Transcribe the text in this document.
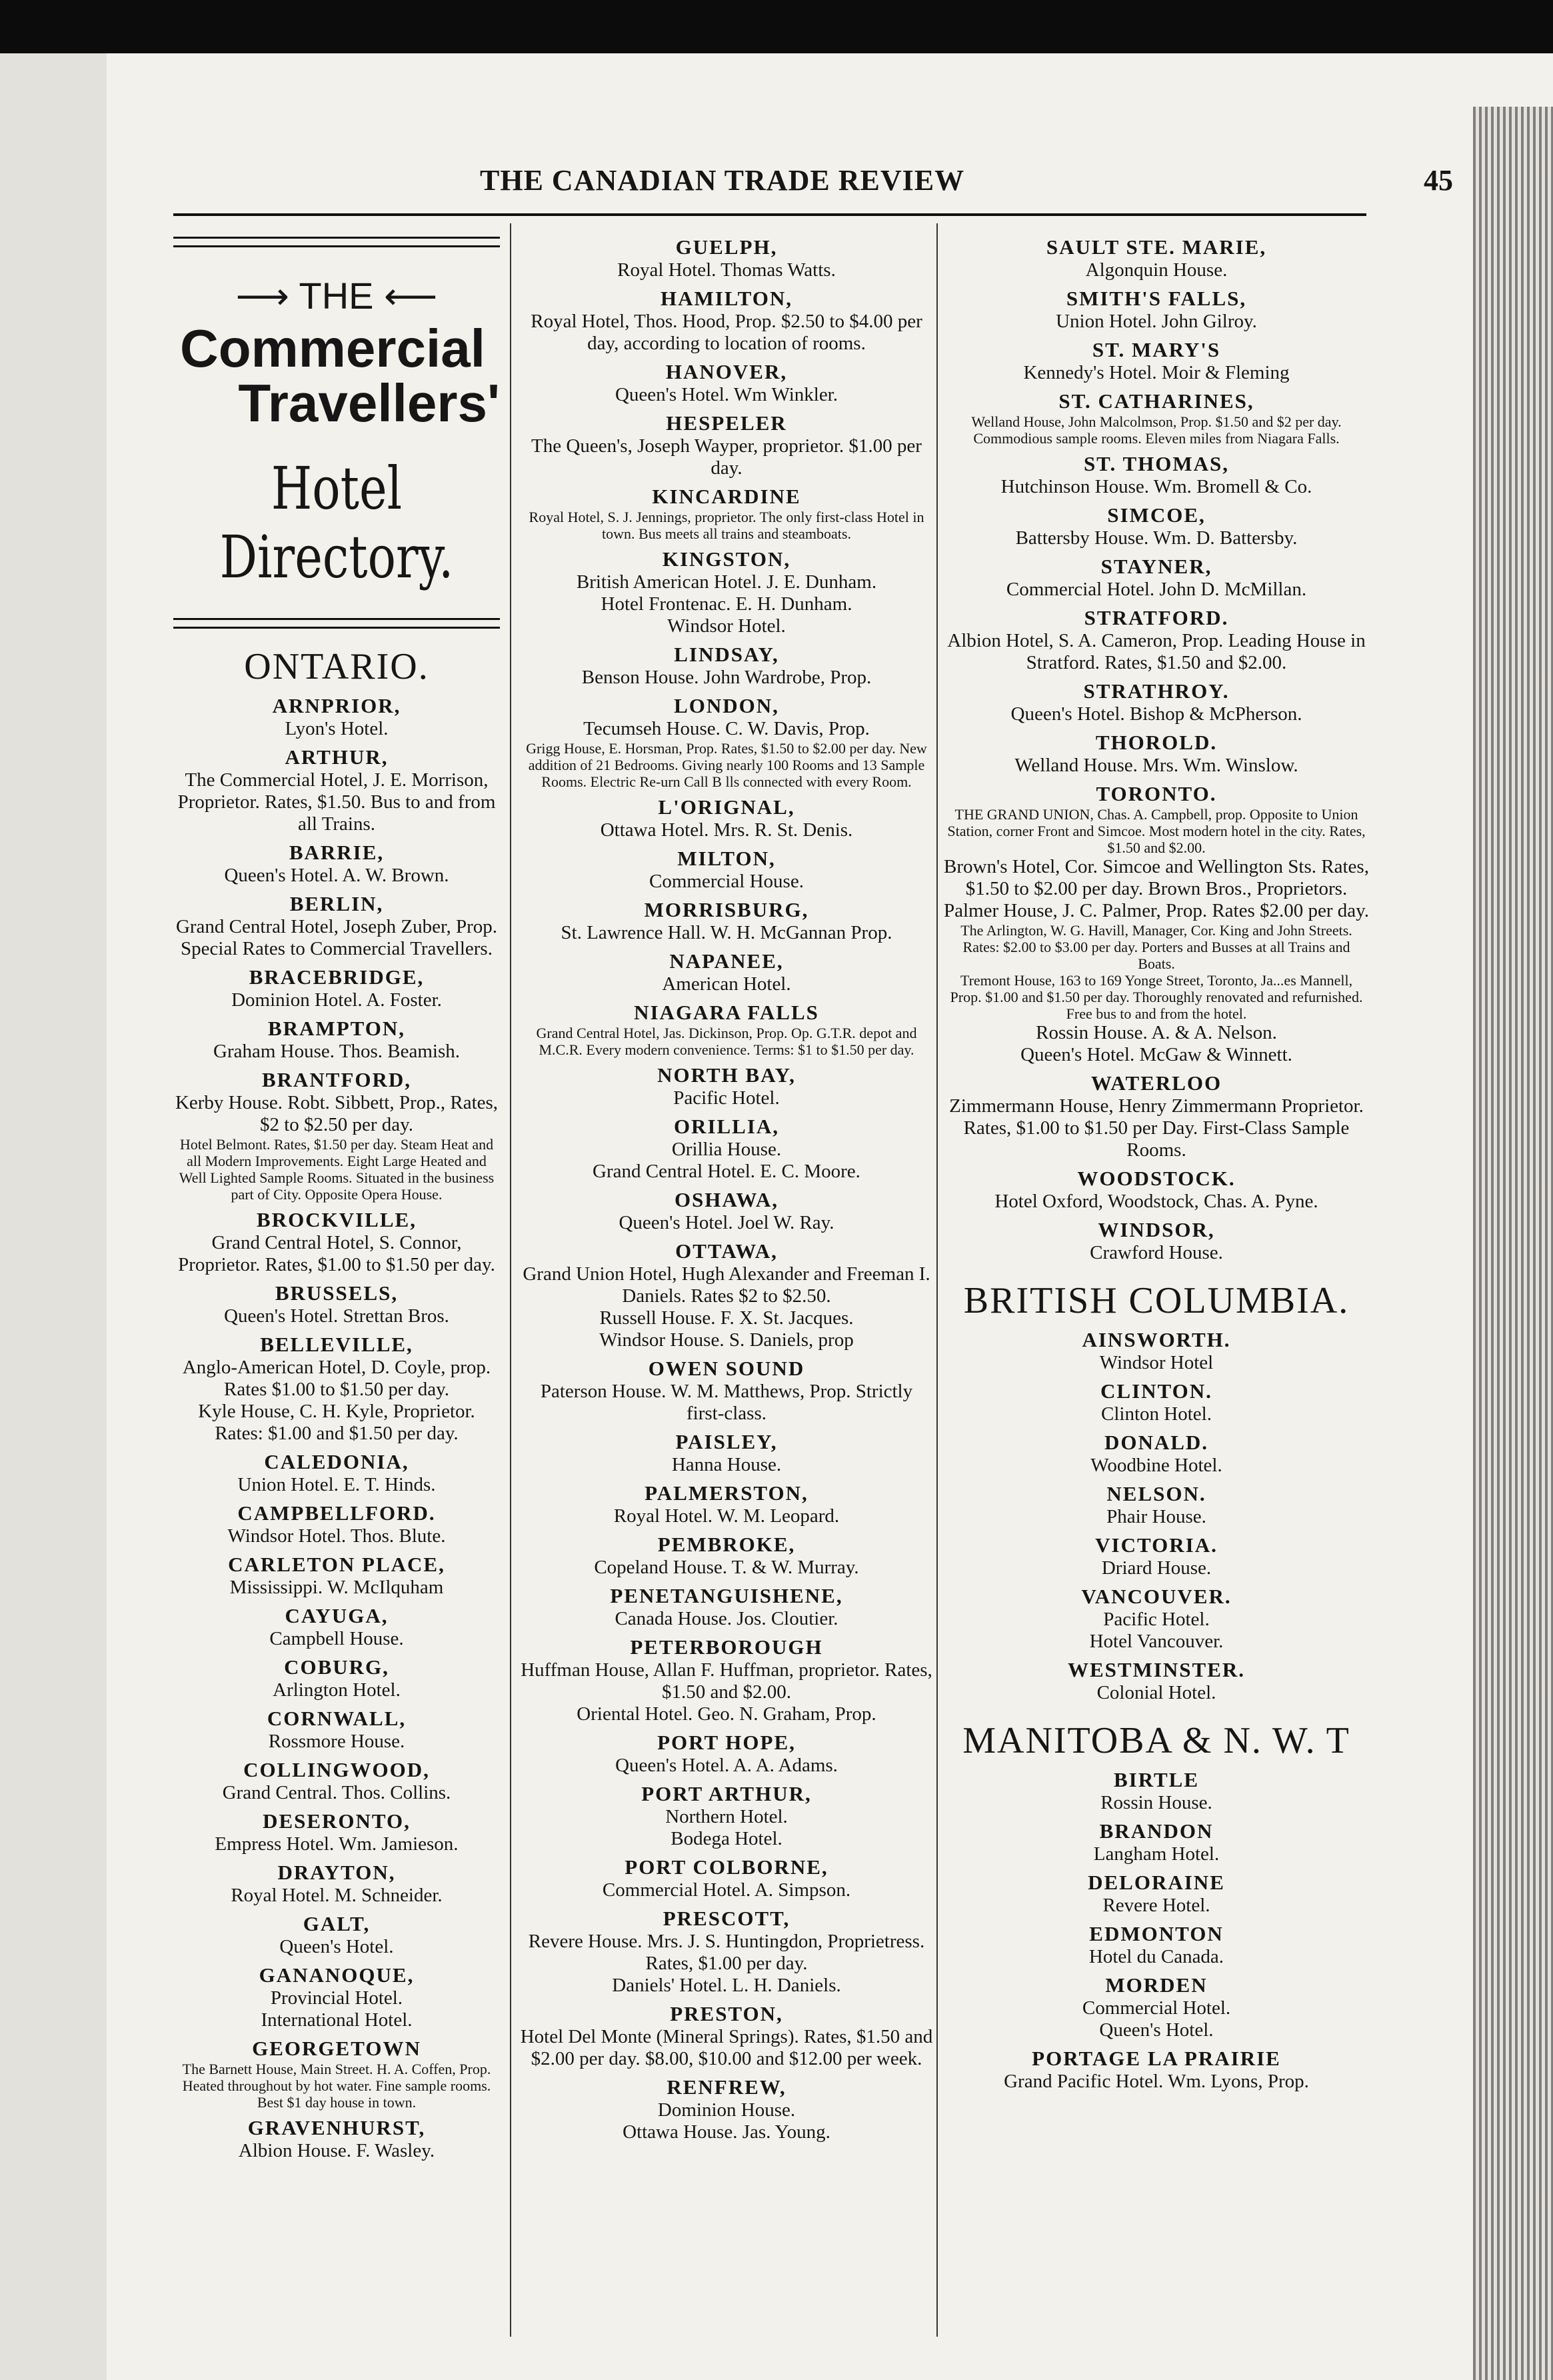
THE CANADIAN TRADE REVIEW	45
⟶ THE ⟵
Commercial
Travellers'
Hotel Directory.
ONTARIO.
ARNPRIOR,
Lyon's Hotel.
ARTHUR,
The Commercial Hotel, J. E. Morrison, Proprietor. Rates, $1.50. Bus to and from all Trains.
BARRIE,
Queen's Hotel. A. W. Brown.
BERLIN,
Grand Central Hotel, Joseph Zuber, Prop. Special Rates to Commercial Travellers.
BRACEBRIDGE,
Dominion Hotel. A. Foster.
BRAMPTON,
Graham House. Thos. Beamish.
BRANTFORD,
Kerby House. Robt. Sibbett, Prop., Rates, $2 to $2.50 per day.
Hotel Belmont. Rates, $1.50 per day. Steam Heat and all Modern Improvements. Eight Large Heated and Well Lighted Sample Rooms. Situated in the business part of City. Opposite Opera House.
BROCKVILLE,
Grand Central Hotel, S. Connor, Proprietor. Rates, $1.00 to $1.50 per day.
BRUSSELS,
Queen's Hotel. Strettan Bros.
BELLEVILLE,
Anglo-American Hotel, D. Coyle, prop. Rates $1.00 to $1.50 per day.
Kyle House, C. H. Kyle, Proprietor. Rates: $1.00 and $1.50 per day.
CALEDONIA,
Union Hotel. E. T. Hinds.
CAMPBELLFORD.
Windsor Hotel. Thos. Blute.
CARLETON PLACE,
Mississippi. W. McIlquham
CAYUGA,
Campbell House.
COBURG,
Arlington Hotel.
CORNWALL,
Rossmore House.
COLLINGWOOD,
Grand Central. Thos. Collins.
DESERONTO,
Empress Hotel. Wm. Jamieson.
DRAYTON,
Royal Hotel. M. Schneider.
GALT,
Queen's Hotel.
GANANOQUE,
Provincial Hotel.
International Hotel.
GEORGETOWN
The Barnett House, Main Street. H. A. Coffen, Prop. Heated throughout by hot water. Fine sample rooms. Best $1 day house in town.
GRAVENHURST,
Albion House. F. Wasley.
GUELPH,
Royal Hotel. Thomas Watts.
HAMILTON,
Royal Hotel, Thos. Hood, Prop. $2.50 to $4.00 per day, according to location of rooms.
HANOVER,
Queen's Hotel. Wm Winkler.
HESPELER
The Queen's, Joseph Wayper, proprietor. $1.00 per day.
KINCARDINE
Royal Hotel, S. J. Jennings, proprietor. The only first-class Hotel in town. Bus meets all trains and steamboats.
KINGSTON,
British American Hotel. J. E. Dunham.
Hotel Frontenac. E. H. Dunham.
Windsor Hotel.
LINDSAY,
Benson House. John Wardrobe, Prop.
LONDON,
Tecumseh House. C. W. Davis, Prop.
Grigg House, E. Horsman, Prop. Rates, $1.50 to $2.00 per day. New addition of 21 Bedrooms. Giving nearly 100 Rooms and 13 Sample Rooms. Electric Re-urn Call B lls connected with every Room.
L'ORIGNAL,
Ottawa Hotel. Mrs. R. St. Denis.
MILTON,
Commercial House.
MORRISBURG,
St. Lawrence Hall. W. H. McGannan Prop.
NAPANEE,
American Hotel.
NIAGARA FALLS
Grand Central Hotel, Jas. Dickinson, Prop. Op. G.T.R. depot and M.C.R. Every modern convenience. Terms: $1 to $1.50 per day.
NORTH BAY,
Pacific Hotel.
ORILLIA,
Orillia House.
Grand Central Hotel. E. C. Moore.
OSHAWA,
Queen's Hotel. Joel W. Ray.
OTTAWA,
Grand Union Hotel, Hugh Alexander and Freeman I. Daniels. Rates $2 to $2.50.
Russell House. F. X. St. Jacques.
Windsor House. S. Daniels, prop
OWEN SOUND
Paterson House. W. M. Matthews, Prop. Strictly first-class.
PAISLEY,
Hanna House.
PALMERSTON,
Royal Hotel. W. M. Leopard.
PEMBROKE,
Copeland House. T. & W. Murray.
PENETANGUISHENE,
Canada House. Jos. Cloutier.
PETERBOROUGH
Huffman House, Allan F. Huffman, proprietor. Rates, $1.50 and $2.00.
Oriental Hotel. Geo. N. Graham, Prop.
PORT HOPE,
Queen's Hotel. A. A. Adams.
PORT ARTHUR,
Northern Hotel.
Bodega Hotel.
PORT COLBORNE,
Commercial Hotel. A. Simpson.
PRESCOTT,
Revere House. Mrs. J. S. Huntingdon, Proprietress. Rates, $1.00 per day.
Daniels' Hotel. L. H. Daniels.
PRESTON,
Hotel Del Monte (Mineral Springs). Rates, $1.50 and $2.00 per day. $8.00, $10.00 and $12.00 per week.
RENFREW,
Dominion House.
Ottawa House. Jas. Young.
SAULT STE. MARIE,
Algonquin House.
SMITH'S FALLS,
Union Hotel. John Gilroy.
ST. MARY'S
Kennedy's Hotel. Moir & Fleming
ST. CATHARINES,
Welland House, John Malcolmson, Prop. $1.50 and $2 per day. Commodious sample rooms. Eleven miles from Niagara Falls.
ST. THOMAS,
Hutchinson House. Wm. Bromell & Co.
SIMCOE,
Battersby House. Wm. D. Battersby.
STAYNER,
Commercial Hotel. John D. McMillan.
STRATFORD.
Albion Hotel, S. A. Cameron, Prop. Leading House in Stratford. Rates, $1.50 and $2.00.
STRATHROY.
Queen's Hotel. Bishop & McPherson.
THOROLD.
Welland House. Mrs. Wm. Winslow.
TORONTO.
THE GRAND UNION, Chas. A. Campbell, prop. Opposite to Union Station, corner Front and Simcoe. Most modern hotel in the city. Rates, $1.50 and $2.00.
Brown's Hotel, Cor. Simcoe and Wellington Sts. Rates, $1.50 to $2.00 per day. Brown Bros., Proprietors.
Palmer House, J. C. Palmer, Prop. Rates $2.00 per day.
The Arlington, W. G. Havill, Manager, Cor. King and John Streets. Rates: $2.00 to $3.00 per day. Porters and Busses at all Trains and Boats.
Tremont House, 163 to 169 Yonge Street, Toronto, Ja...es Mannell, Prop. $1.00 and $1.50 per day. Thoroughly renovated and refurnished. Free bus to and from the hotel.
Rossin House. A. & A. Nelson.
Queen's Hotel. McGaw & Winnett.
WATERLOO
Zimmermann House, Henry Zimmermann Proprietor. Rates, $1.00 to $1.50 per Day. First-Class Sample Rooms.
WOODSTOCK.
Hotel Oxford, Woodstock, Chas. A. Pyne.
WINDSOR,
Crawford House.
BRITISH COLUMBIA.
AINSWORTH.
Windsor Hotel
CLINTON.
Clinton Hotel.
DONALD.
Woodbine Hotel.
NELSON.
Phair House.
VICTORIA.
Driard House.
VANCOUVER.
Pacific Hotel.
Hotel Vancouver.
WESTMINSTER.
Colonial Hotel.
MANITOBA & N. W. T
BIRTLE
Rossin House.
BRANDON
Langham Hotel.
DELORAINE
Revere Hotel.
EDMONTON
Hotel du Canada.
MORDEN
Commercial Hotel.
Queen's Hotel.
PORTAGE LA PRAIRIE
Grand Pacific Hotel. Wm. Lyons, Prop.
